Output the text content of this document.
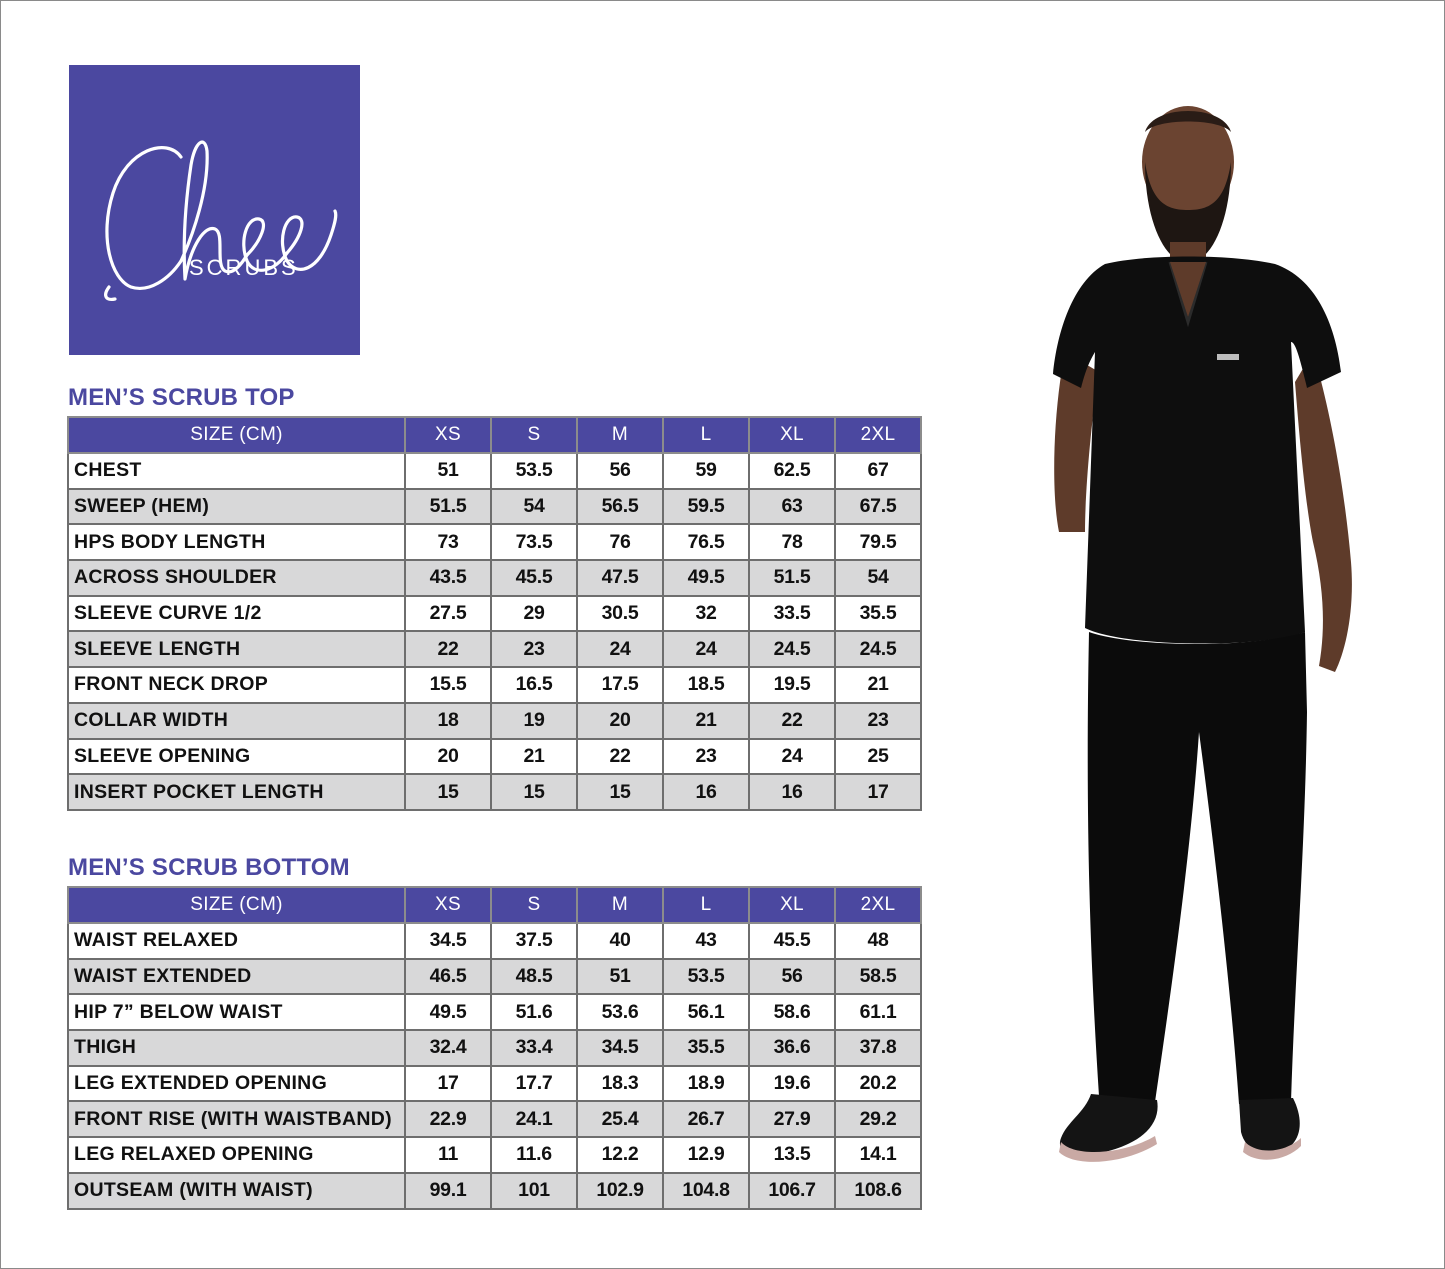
SCRUBS
MEN’S SCRUB TOP
MEN’S SCRUB BOTTOM
SIZE (CM)	XS	S	M	L	XL	2XL
CHEST	51	53.5	56	59	62.5	67
SWEEP (HEM)	51.5	54	56.5	59.5	63	67.5
HPS BODY LENGTH	73	73.5	76	76.5	78	79.5
ACROSS SHOULDER	43.5	45.5	47.5	49.5	51.5	54
SLEEVE CURVE 1/2	27.5	29	30.5	32	33.5	35.5
SLEEVE LENGTH	22	23	24	24	24.5	24.5
FRONT NECK DROP	15.5	16.5	17.5	18.5	19.5	21
COLLAR WIDTH	18	19	20	21	22	23
SLEEVE OPENING	20	21	22	23	24	25
INSERT POCKET LENGTH	15	15	15	16	16	17
SIZE (CM)	XS	S	M	L	XL	2XL
WAIST RELAXED	34.5	37.5	40	43	45.5	48
WAIST EXTENDED	46.5	48.5	51	53.5	56	58.5
HIP 7” BELOW WAIST	49.5	51.6	53.6	56.1	58.6	61.1
THIGH	32.4	33.4	34.5	35.5	36.6	37.8
LEG EXTENDED OPENING	17	17.7	18.3	18.9	19.6	20.2
FRONT RISE (WITH WAISTBAND)	22.9	24.1	25.4	26.7	27.9	29.2
LEG RELAXED OPENING	11	11.6	12.2	12.9	13.5	14.1
OUTSEAM (WITH WAIST)	99.1	101	102.9	104.8	106.7	108.6
